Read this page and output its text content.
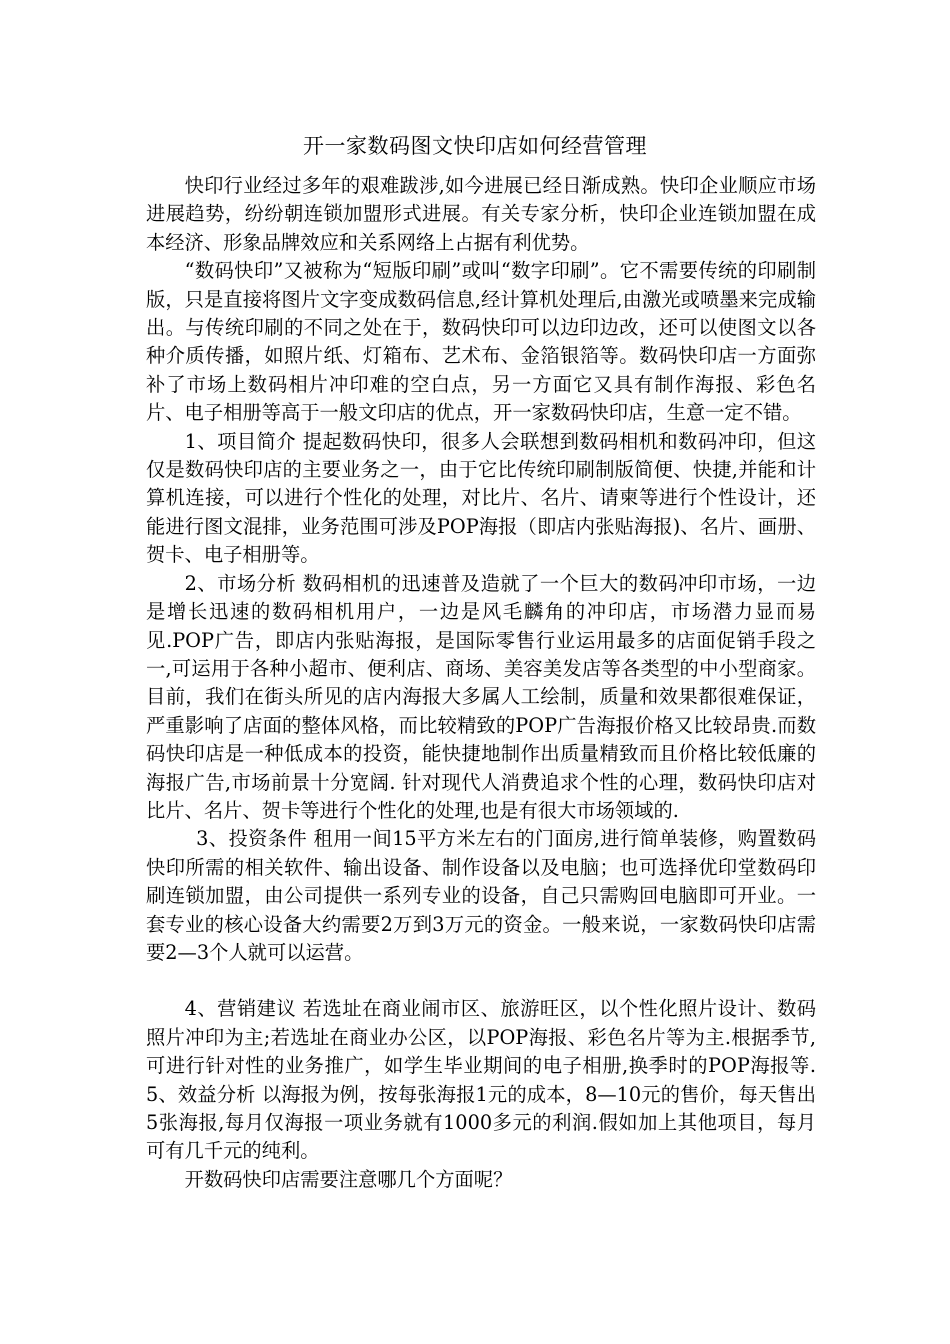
开一家数码图文快印店如何经营管理

快印行业经过多年的艰难跋涉,如今进展已经日渐成熟。快印企业顺应市场进展趋势，纷纷朝连锁加盟形式进展。有关专家分析，快印企业连锁加盟在成本经济、形象品牌效应和关系网络上占据有利优势。

“数码快印”又被称为“短版印刷”或叫“数字印刷”。它不需要传统的印刷制版，只是直接将图片文字变成数码信息,经计算机处理后,由激光或喷墨来完成输出。与传统印刷的不同之处在于，数码快印可以边印边改，还可以使图文以各种介质传播，如照片纸、灯箱布、艺术布、金箔银箔等。数码快印店一方面弥补了市场上数码相片冲印难的空白点，另一方面它又具有制作海报、彩色名片、电子相册等高于一般文印店的优点，开一家数码快印店，生意一定不错。

1、项目简介 提起数码快印，很多人会联想到数码相机和数码冲印，但这仅是数码快印店的主要业务之一，由于它比传统印刷制版简便、快捷,并能和计算机连接，可以进行个性化的处理，对比片、名片、请柬等进行个性设计，还能进行图文混排，业务范围可涉及POP海报（即店内张贴海报)、名片、画册、贺卡、电子相册等。

2、市场分析 数码相机的迅速普及造就了一个巨大的数码冲印市场，一边是增长迅速的数码相机用户，一边是风毛麟角的冲印店，市场潜力显而易见.POP广告，即店内张贴海报，是国际零售行业运用最多的店面促销手段之一,可运用于各种小超市、便利店、商场、美容美发店等各类型的中小型商家。目前，我们在街头所见的店内海报大多属人工绘制，质量和效果都很难保证，严重影响了店面的整体风格，而比较精致的POP广告海报价格又比较昂贵.而数码快印店是一种低成本的投资，能快捷地制作出质量精致而且价格比较低廉的海报广告,市场前景十分宽阔. 针对现代人消费追求个性的心理，数码快印店对比片、名片、贺卡等进行个性化的处理,也是有很大市场领域的.

3、投资条件 租用一间15平方米左右的门面房,进行简单装修，购置数码快印所需的相关软件、输出设备、制作设备以及电脑；也可选择优印堂数码印刷连锁加盟，由公司提供一系列专业的设备，自己只需购回电脑即可开业。一套专业的核心设备大约需要2万到3万元的资金。一般来说，一家数码快印店需要2—3个人就可以运营。

4、营销建议 若选址在商业闹市区、旅游旺区，以个性化照片设计、数码照片冲印为主;若选址在商业办公区，以POP海报、彩色名片等为主.根据季节,可进行针对性的业务推广，如学生毕业期间的电子相册,换季时的POP海报等. 5、效益分析 以海报为例，按每张海报1元的成本，8—10元的售价，每天售出5张海报,每月仅海报一项业务就有1000多元的利润.假如加上其他项目，每月可有几千元的纯利。

开数码快印店需要注意哪几个方面呢？
